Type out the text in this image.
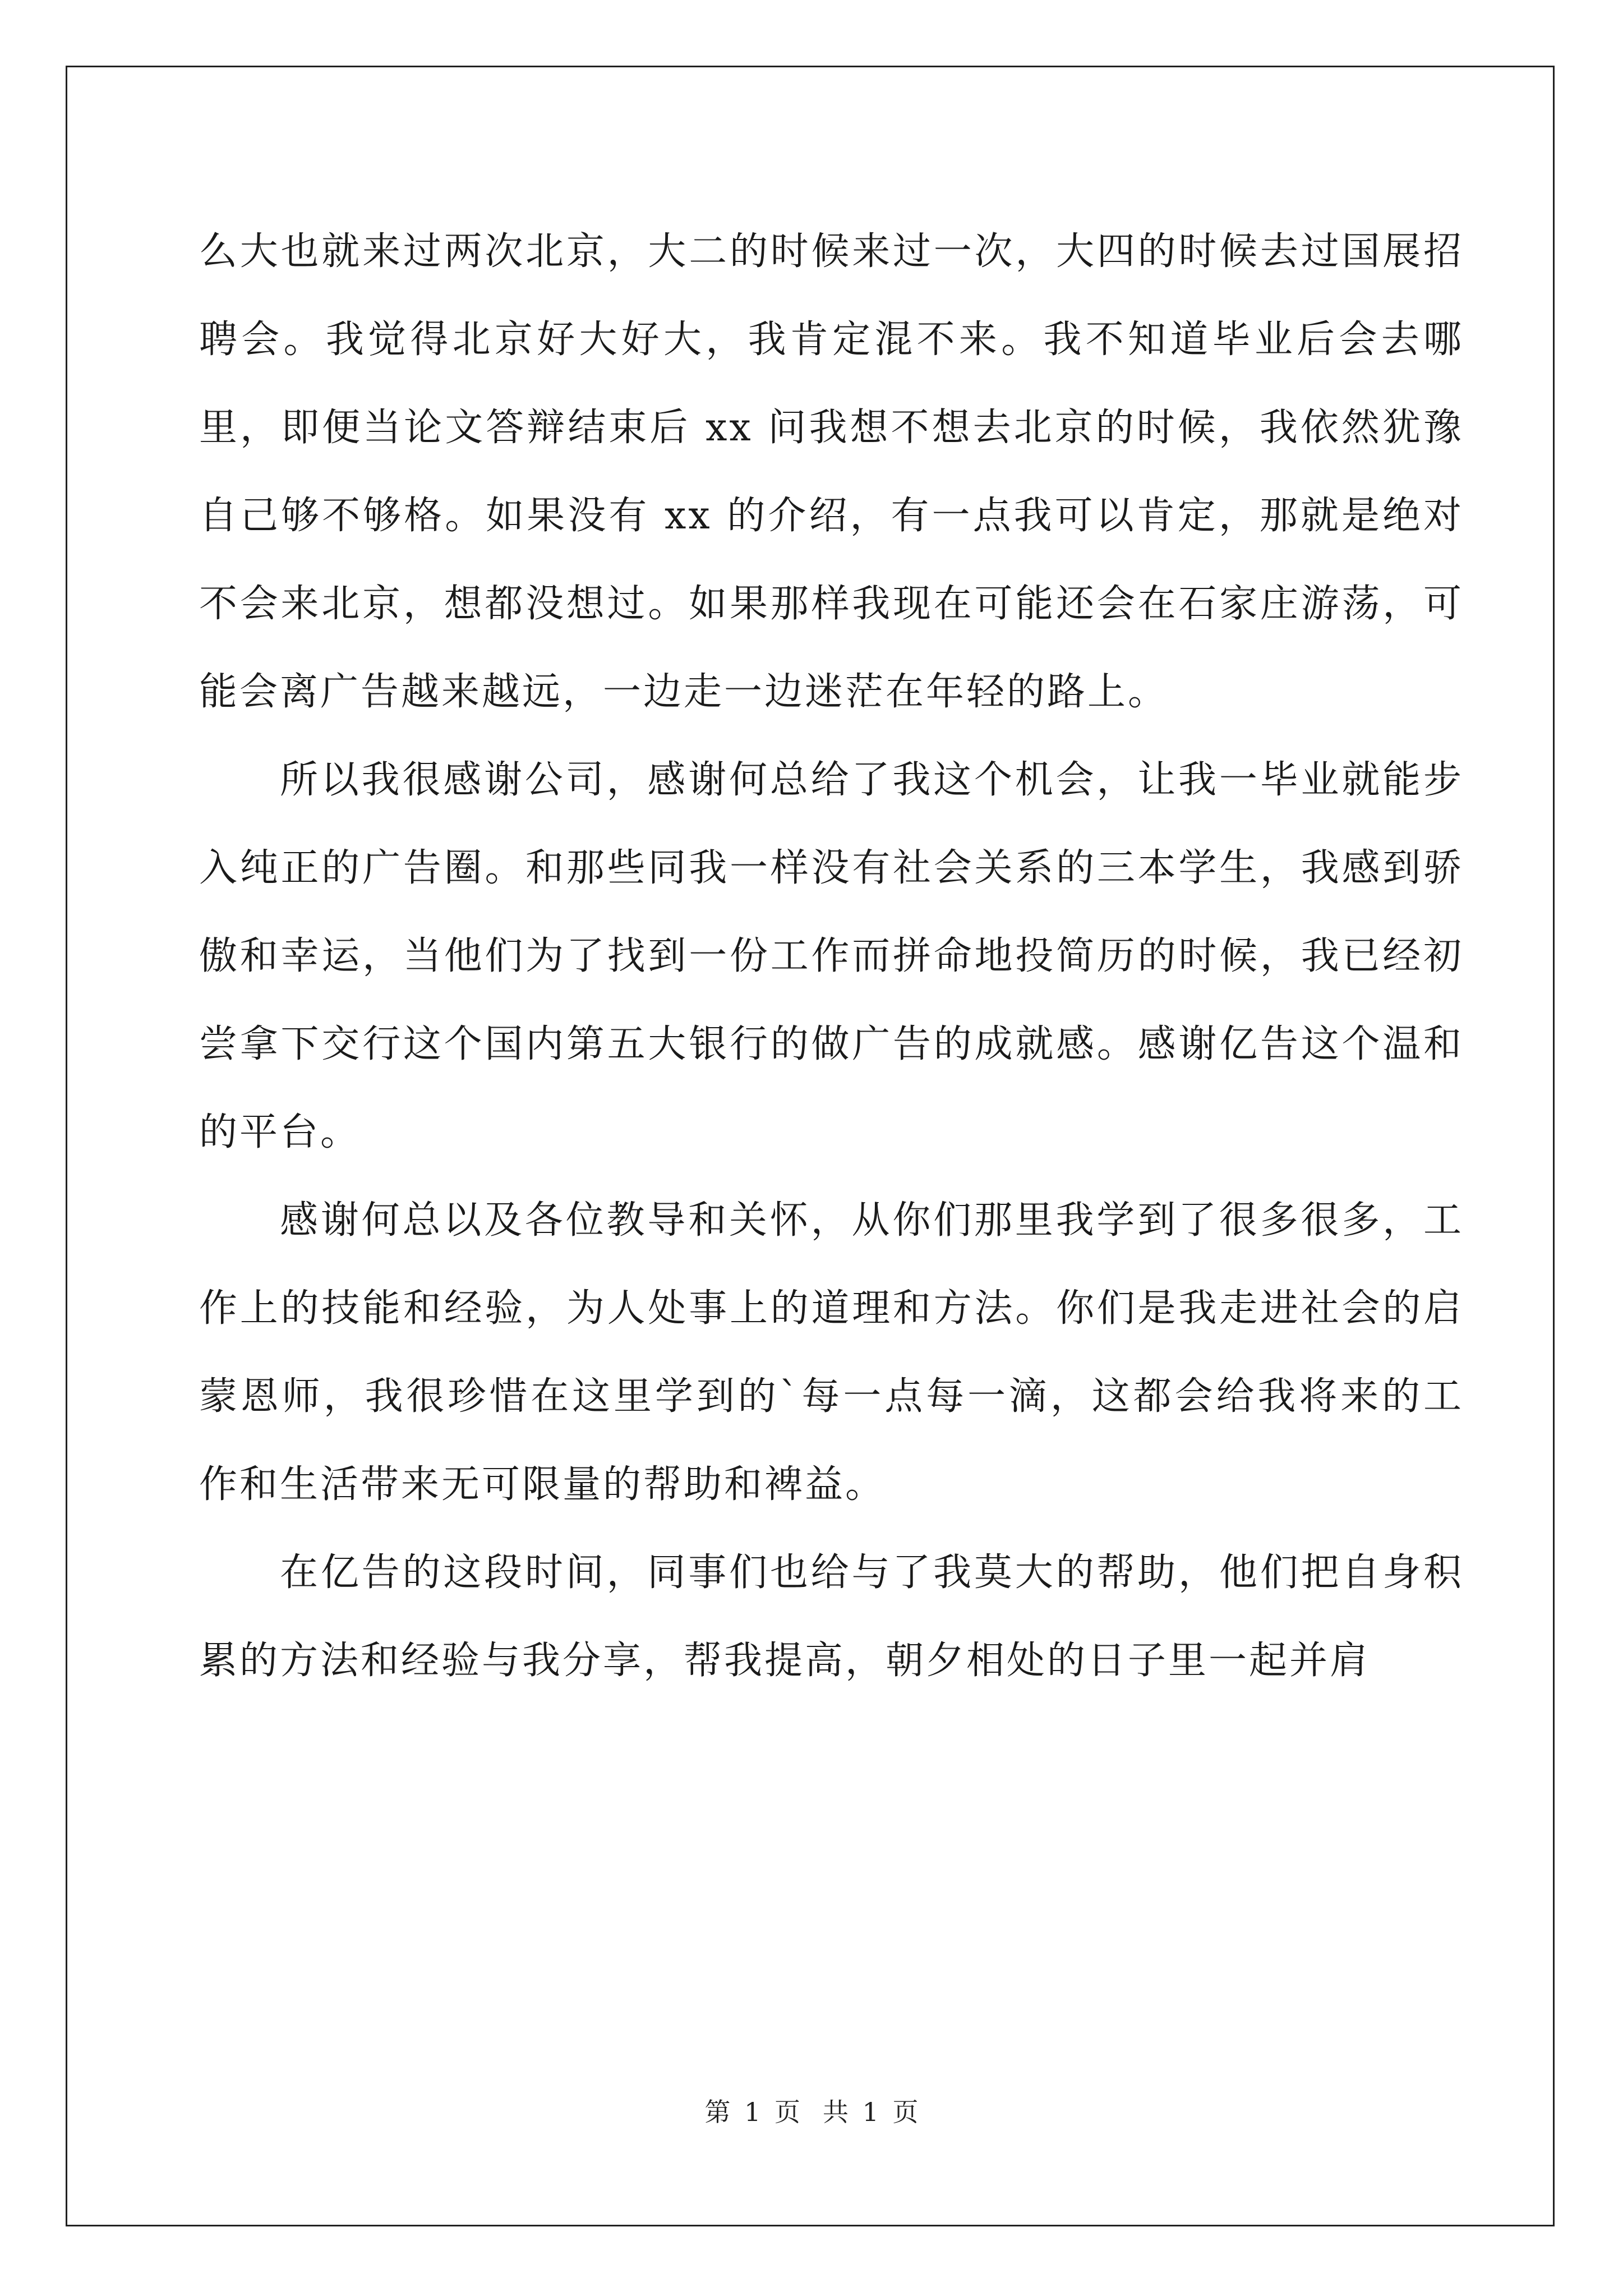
么大也就来过两次北京，大二的时候来过一次，大四的时候去过国展招聘会。我觉得北京好大好大，我肯定混不来。我不知道毕业后会去哪里，即便当论文答辩结束后 xx 问我想不想去北京的时候，我依然犹豫自己够不够格。如果没有 xx 的介绍，有一点我可以肯定，那就是绝对不会来北京，想都没想过。如果那样我现在可能还会在石家庄游荡，可能会离广告越来越远，一边走一边迷茫在年轻的路上。

所以我很感谢公司，感谢何总给了我这个机会，让我一毕业就能步入纯正的广告圈。和那些同我一样没有社会关系的三本学生，我感到骄傲和幸运，当他们为了找到一份工作而拼命地投简历的时候，我已经初尝拿下交行这个国内第五大银行的做广告的成就感。感谢亿告这个温和的平台。

感谢何总以及各位教导和关怀，从你们那里我学到了很多很多，工作上的技能和经验，为人处事上的道理和方法。你们是我走进社会的启蒙恩师，我很珍惜在这里学到的`每一点每一滴，这都会给我将来的工作和生活带来无可限量的帮助和裨益。

在亿告的这段时间，同事们也给与了我莫大的帮助，他们把自身积累的方法和经验与我分享，帮我提高，朝夕相处的日子里一起并肩

第 1 页 共 1 页
